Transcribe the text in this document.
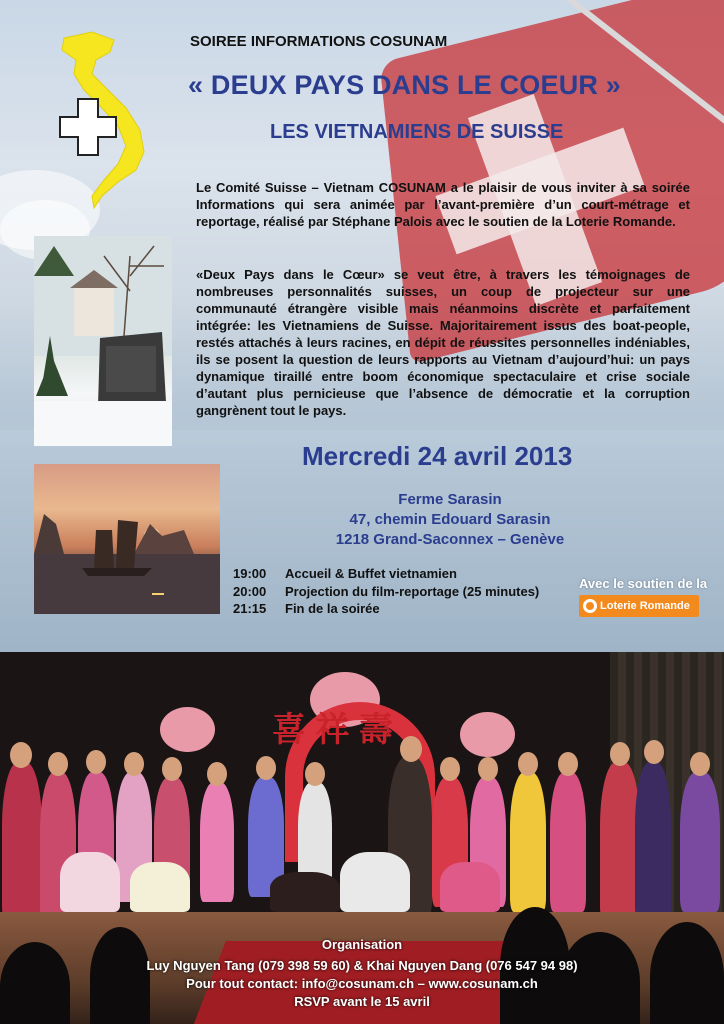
SOIREE INFORMATIONS COSUNAM
« DEUX PAYS DANS LE COEUR »
LES VIETNAMIENS DE SUISSE
Le Comité Suisse – Vietnam COSUNAM a le plaisir de vous inviter à sa soirée Informations qui sera animée par l’avant-première d’un court-métrage et reportage, réalisé par Stéphane Palois avec le soutien de la Loterie Romande.
«Deux Pays dans le Cœur» se veut être, à travers les témoignages de nombreuses personnalités suisses, un coup de projecteur sur une communauté étrangère visible mais néanmoins discrète et parfaitement intégrée: les Vietnamiens de Suisse. Majoritairement issus des boat-people, restés attachés à leurs racines, en dépit de réussites personnelles indéniables, ils se posent la question de leurs rapports au Vietnam d’aujourd’hui: un pays dynamique tiraillé entre boom économique spectaculaire et crise sociale d’autant plus pernicieuse que l’absence de démocratie et la corruption gangrènent tout le pays.
Mercredi 24 avril 2013
Ferme Sarasin
47, chemin Edouard Sarasin
1218 Grand-Saconnex – Genève
19:00 Accueil & Buffet vietnamien
20:00 Projection du film-reportage (25 minutes)
21:15 Fin de la soirée
Avec le soutien de la
Loterie Romande
喜 祥 壽
Organisation
Luy Nguyen Tang (079 398 59 60) & Khai Nguyen Dang (076 547 94 98)
Pour tout contact: info@cosunam.ch – www.cosunam.ch
RSVP avant le 15 avril
